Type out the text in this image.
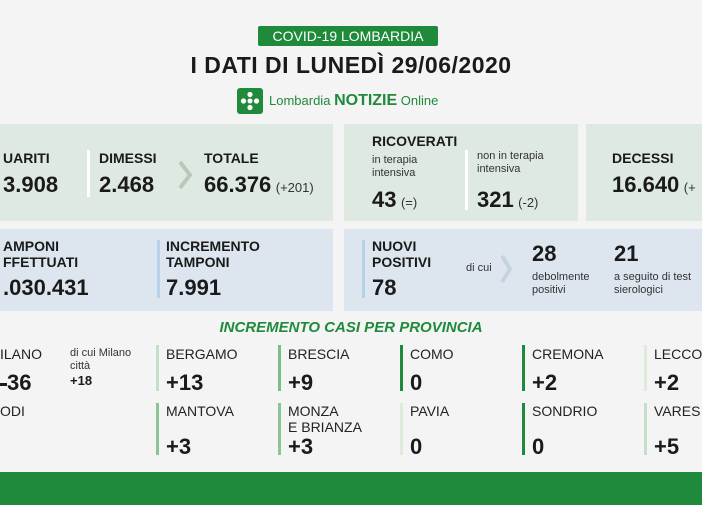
COVID-19 LOMBARDIA
I DATI DI LUNEDÌ 29/06/2020
Lombardia NOTIZIE Online
UARITI
3.908
DIMESSI
2.468
TOTALE
66.376 (+201)
RICOVERATI
in terapia intensiva
43 (=)
non in terapia intensiva
321 (-2)
DECESSI
16.640 (+
AMPONI
FFETTUATI
.030.431
INCREMENTO
TAMPONI
7.991
NUOVI
POSITIVI
78
di cui
28
debolmente positivi
21
a seguito di test sierologici
INCREMENTO CASI PER PROVINCIA
ILANO
36
di cui Milano città
+18
ODI
BERGAMO
+13
MANTOVA
+3
BRESCIA
+9
MONZA
E BRIANZA
+3
COMO
0
PAVIA
0
CREMONA
+2
SONDRIO
0
LECCO
+2
VARES
+5
